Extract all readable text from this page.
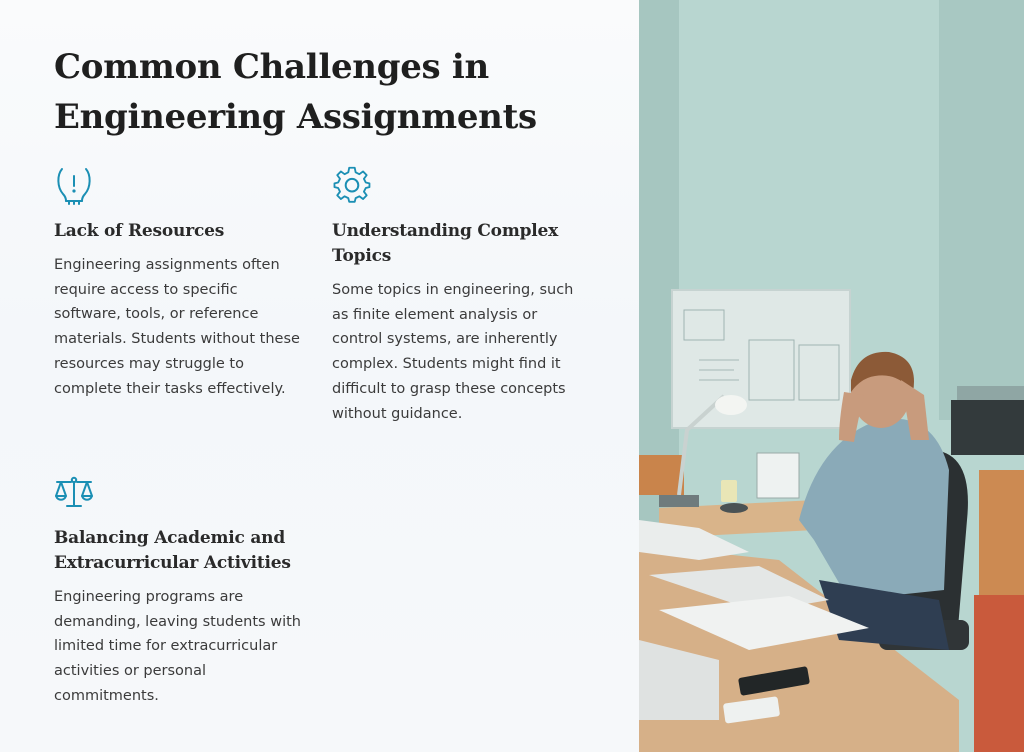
Common Challenges in Engineering Assignments
Lack of Resources

Engineering assignments often require access to specific software, tools, or reference materials. Students without these resources may struggle to complete their tasks effectively.

Understanding Complex Topics

Some topics in engineering, such as finite element analysis or control systems, are inherently complex. Students might find it difficult to grasp these concepts without guidance.

Balancing Academic and Extracurricular Activities

Engineering programs are demanding, leaving students with limited time for extracurricular activities or personal commitments.
